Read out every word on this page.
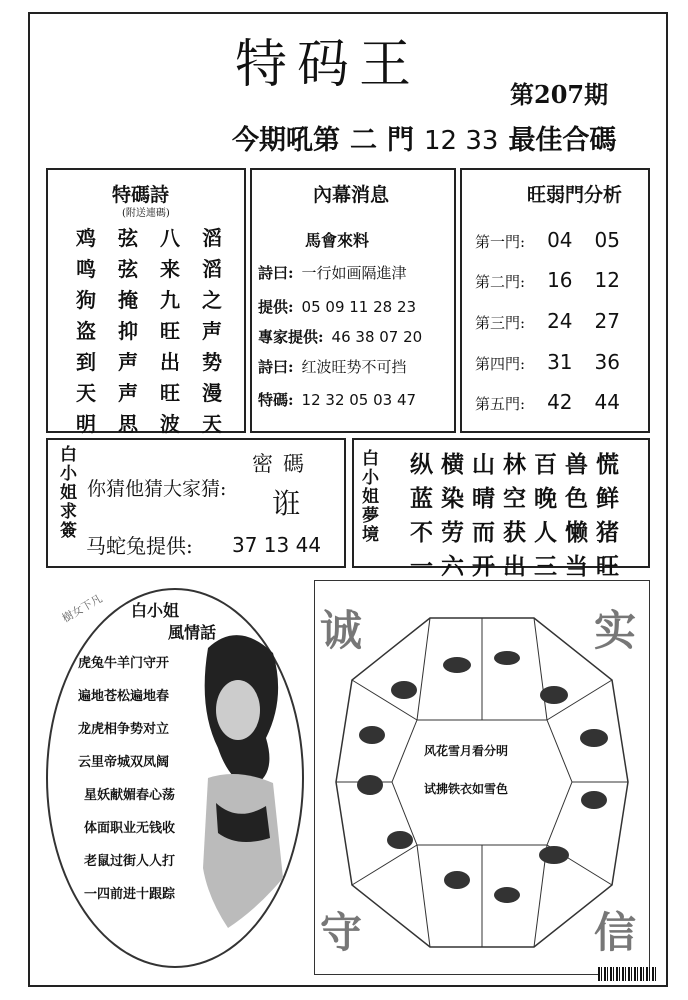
特码王	第207期
今期吼第 二 門 12 33 最佳合碼
特碼詩
(附送連碼)
鸡	弦	八	滔
鸣	弦	来	滔
狗	掩	九	之
盗	抑	旺	声
到	声	出	势
天	声	旺	漫
明	思	波	天
內幕消息
馬會來料
詩曰: 一行如画隔進津
提供: 05 09 11 28 23
專家提供: 46 38 07 20
詩曰: 红波旺势不可挡
特碼: 12 32 05 03 47
旺弱門分析
第一門: 04 05
第二門: 16 12
第三門: 24 27
第四門: 31 36
第五門: 42 44
白小姐求簽
密碼
你猜他猜大家猜: 诳
马蛇兔提供: 37 13 44
白小姐夢境
纵 横 山 林 百 兽 慌
蓝 染 晴 空 晚 色 鲜
不 劳 而 获 人 懒 猪
一 六 开 出 三 当 旺
樹女下凡 白小姐
風情話
虎兔牛羊门守开
遍地苍松遍地春
龙虎相争势对立
云里帝城双凤阔
星妖献媚春心荡
体面职业无钱收
老鼠过街人人打
一四前进十跟踪
诚	实
守	信
风花雪月看分明
试拂铁衣如雪色
